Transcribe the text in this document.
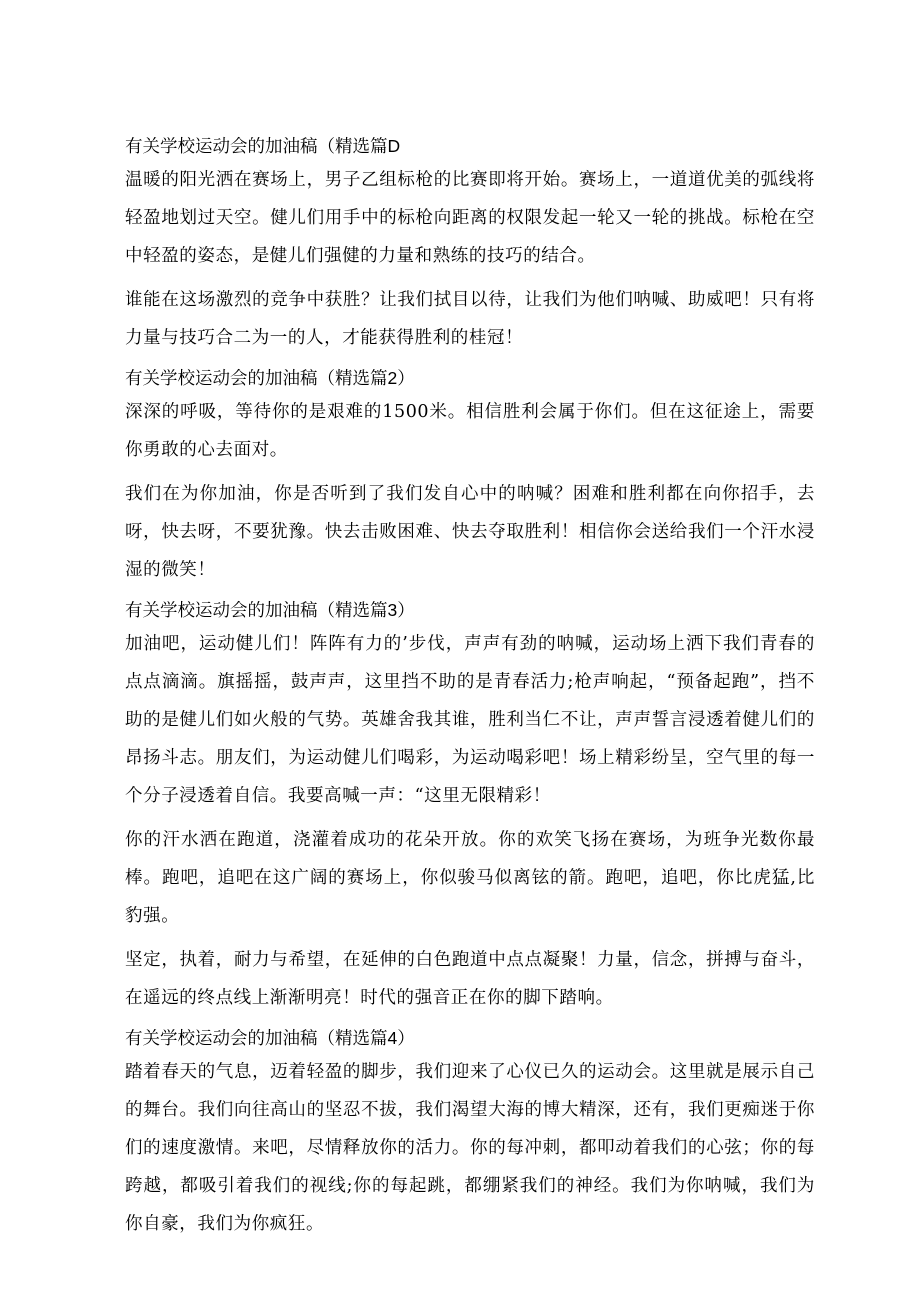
有关学校运动会的加油稿（精选篇D

温暖的阳光洒在赛场上，男子乙组标枪的比赛即将开始。赛场上，一道道优美的弧线将轻盈地划过天空。健儿们用手中的标枪向距离的权限发起一轮又一轮的挑战。标枪在空中轻盈的姿态，是健儿们强健的力量和熟练的技巧的结合。

谁能在这场激烈的竞争中获胜？让我们拭目以待，让我们为他们呐喊、助威吧！只有将力量与技巧合二为一的人，才能获得胜利的桂冠！

有关学校运动会的加油稿（精选篇2）

深深的呼吸，等待你的是艰难的1500米。相信胜利会属于你们。但在这征途上，需要你勇敢的心去面对。

我们在为你加油，你是否听到了我们发自心中的呐喊？困难和胜利都在向你招手，去呀，快去呀，不要犹豫。快去击败困难、快去夺取胜利！相信你会送给我们一个汗水浸湿的微笑！

有关学校运动会的加油稿（精选篇3）

加油吧，运动健儿们！阵阵有力的’步伐，声声有劲的呐喊，运动场上洒下我们青春的点点滴滴。旗摇摇，鼓声声，这里挡不助的是青春活力;枪声响起，“预备起跑”，挡不助的是健儿们如火般的气势。英雄舍我其谁，胜利当仁不让，声声誓言浸透着健儿们的昂扬斗志。朋友们，为运动健儿们喝彩，为运动喝彩吧！场上精彩纷呈，空气里的每一个分子浸透着自信。我要高喊一声：“这里无限精彩！

你的汗水洒在跑道，浇灌着成功的花朵开放。你的欢笑飞扬在赛场，为班争光数你最棒。跑吧，追吧在这广阔的赛场上，你似骏马似离铉的箭。跑吧，追吧，你比虎猛,比豹强。

坚定，执着，耐力与希望，在延伸的白色跑道中点点凝聚！力量，信念，拼搏与奋斗，在遥远的终点线上渐渐明亮！时代的强音正在你的脚下踏响。

有关学校运动会的加油稿（精选篇4）

踏着春天的气息，迈着轻盈的脚步，我们迎来了心仪已久的运动会。这里就是展示自己的舞台。我们向往高山的坚忍不拔，我们渴望大海的博大精深，还有，我们更痴迷于你们的速度激情。来吧，尽情释放你的活力。你的每冲刺，都叩动着我们的心弦；你的每跨越，都吸引着我们的视线;你的每起跳，都绷紧我们的神经。我们为你呐喊，我们为你自豪，我们为你疯狂。
